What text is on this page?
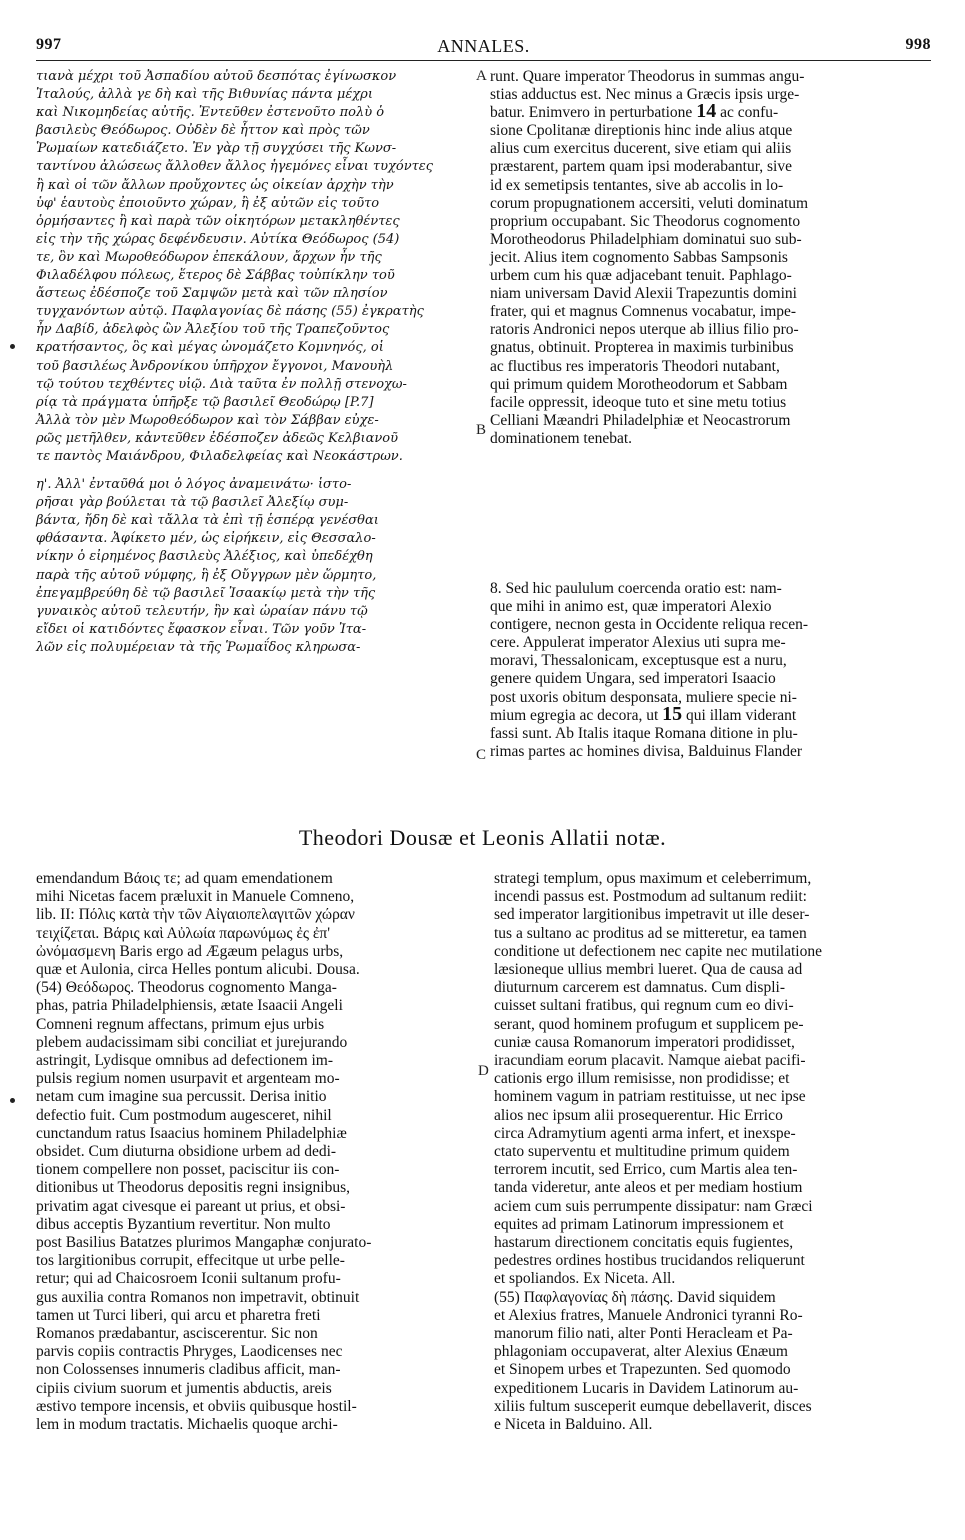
997	ANNALES.	998

τιανὰ μέχρι τοῦ Ἀσπαδίου αὐτοῦ δεσπότας ἐγίνωσκον

Ἰταλούς, ἀλλὰ γε δὴ καὶ τῆς Βιθυνίας πάντα μέχρι

καὶ Νικομηδείας αὐτῆς. Ἐντεῦθεν ἐστενοῦτο πολὺ ὁ

βασιλεὺς Θεόδωρος. Οὐδὲν δὲ ἧττον καὶ πρὸς τῶν

Ῥωμαίων κατεδιάζετο. Ἐν γὰρ τῇ συγχύσει τῆς Κωνσ-

ταντίνου ἁλώσεως ἄλλοθεν ἄλλος ἡγεμόνες εἶναι τυχόντες

ἢ καὶ οἱ τῶν ἄλλων προὔχοντες ὡς οἰκείαν ἀρχὴν τὴν

ὑφ' ἑαυτοὺς ἐποιοῦντο χώραν, ἢ ἐξ αὐτῶν εἰς τοῦτο

ὁρμήσαντες ἢ καὶ παρὰ τῶν οἰκητόρων μετακληθέντες

εἰς τὴν τῆς χώρας δεφένδευσιν. Αὐτίκα Θεόδωρος (54)

τε, ὃν καὶ Μωροθεόδωρον ἐπεκάλουν, ἄρχων ἦν τῆς

Φιλαδέλφου πόλεως, ἕτερος δὲ Σάββας τοὐπίκλην τοῦ

ἄστεως ἐδέσποζε τοῦ Σαμψῶν μετὰ καὶ τῶν πλησίον

τυγχανόντων αὐτῷ. Παφλαγονίας δὲ πάσης (55) ἐγκρατὴς

ἦν Δαβίδ, ἀδελφὸς ὢν Ἀλεξίου τοῦ τῆς Τραπεζοῦντος

κρατήσαντος, ὃς καὶ μέγας ὠνομάζετο Κομνηνός, οἱ

τοῦ βασιλέως Ἀνδρονίκου ὑπῆρχον ἔγγονοι, Μανουὴλ

τῷ τούτου τεχθέντες υἱῷ. Διὰ ταῦτα ἐν πολλῇ στενοχω-

ρίᾳ τὰ πράγματα ὑπῆρξε τῷ βασιλεῖ Θεοδώρῳ [P.7]

Ἀλλὰ τὸν μὲν Μωροθεόδωρον καὶ τὸν Σάββαν εὐχε-

ρῶς μετῆλθεν, κἀντεῦθεν ἐδέσποζεν ἀδεῶς Κελβιανοῦ

τε παντὸς Μαιάνδρου, Φιλαδελφείας καὶ Νεοκάστρων.

η'. Ἀλλ' ἐνταῦθά μοι ὁ λόγος ἀναμεινάτω· ἱστο-

ρῆσαι γὰρ βούλεται τὰ τῷ βασιλεῖ Ἀλεξίῳ συμ-

βάντα, ἤδη δὲ καὶ τἄλλα τὰ ἐπὶ τῇ ἑσπέρᾳ γενέσθαι

φθάσαντα. Ἀφίκετο μέν, ὡς εἰρήκειν, εἰς Θεσσαλο-

νίκην ὁ εἰρημένος βασιλεὺς Ἀλέξιος, καὶ ὑπεδέχθη

παρὰ τῆς αὐτοῦ νύμφης, ἣ ἐξ Οὔγγρων μὲν ὥρμητο,

ἐπεγαμβρεύθη δὲ τῷ βασιλεῖ Ἰσαακίῳ μετὰ τὴν τῆς

γυναικὸς αὐτοῦ τελευτήν, ἣν καὶ ὡραίαν πάνυ τῷ

εἴδει οἱ κατιδόντες ἔφασκον εἶναι. Τῶν γοῦν Ἰτα-

λῶν εἰς πολυμέρειαν τὰ τῆς Ῥωμαΐδος κληρωσα-

A
B
C
D

runt. Quare imperator Theodorus in summas angu-

stias adductus est. Nec minus a Græcis ipsis urge-

batur. Enimvero in perturbatione 14 ac confu-

sione Cpolitanæ direptionis hinc inde alius atque

alius cum exercitus ducerent, sive etiam qui aliis

præstarent, partem quam ipsi moderabantur, sive

id ex semetipsis tentantes, sive ab accolis in lo-

corum propugnationem accersiti, veluti dominatum

proprium occupabant. Sic Theodorus cognomento

Morotheodorus Philadelphiam dominatui suo sub-

jecit. Alius item cognomento Sabbas Sampsonis

urbem cum his quæ adjacebant tenuit. Paphlago-

niam universam David Alexii Trapezuntis domini

frater, qui et magnus Comnenus vocabatur, impe-

ratoris Andronici nepos uterque ab illius filio pro-

gnatus, obtinuit. Propterea in maximis turbinibus

ac fluctibus res imperatoris Theodori nutabant,

qui primum quidem Morotheodorum et Sabbam

facile oppressit, ideoque tuto et sine metu totius

Celliani Mæandri Philadelphiæ et Neocastrorum

dominationem tenebat.

8. Sed hic paululum coercenda oratio est: nam-

que mihi in animo est, quæ imperatori Alexio

contigere, necnon gesta in Occidente reliqua recen-

cere. Appulerat imperator Alexius uti supra me-

moravi, Thessalonicam, exceptusque est a nuru,

genere quidem Ungara, sed imperatori Isaacio

post uxoris obitum desponsata, muliere specie ni-

mium egregia ac decora, ut 15 qui illam viderant

fassi sunt. Ab Italis itaque Romana ditione in plu-

rimas partes ac homines divisa, Balduinus Flander

Theodori Dousæ et Leonis Allatii notæ.

emendandum Βάοις τε; ad quam emendationem

mihi Nicetas facem præluxit in Manuele Comneno,

lib. II: Πόλις κατὰ τὴν τῶν Αἰγαιοπελαγιτῶν χώραν

τειχίζεται. Βάρις καὶ Αὐλωία παρωνύμως ἐς ἐπ'

ὠνόμασμενη Baris ergo ad Ægæum pelagus urbs,

quæ et Aulonia, circa Helles pontum alicubi. Dousa.

(54) Θεόδωρος. Theodorus cognomento Manga-

phas, patria Philadelphiensis, ætate Isaacii Angeli

Comneni regnum affectans, primum ejus urbis

plebem audacissimam sibi conciliat et jurejurando

astringit, Lydisque omnibus ad defectionem im-

pulsis regium nomen usurpavit et argenteam mo-

netam cum imagine sua percussit. Derisa initio

defectio fuit. Cum postmodum augesceret, nihil

cunctandum ratus Isaacius hominem Philadelphiæ

obsidet. Cum diuturna obsidione urbem ad dedi-

tionem compellere non posset, paciscitur iis con-

ditionibus ut Theodorus depositis regni insignibus,

privatim agat civesque ei pareant ut prius, et obsi-

dibus acceptis Byzantium revertitur. Non multo

post Basilius Batatzes plurimos Mangaphæ conjurato-

tos largitionibus corrupit, effecitque ut urbe pelle-

retur; qui ad Chaicosroem Iconii sultanum profu-

gus auxilia contra Romanos non impetravit, obtinuit

tamen ut Turci liberi, qui arcu et pharetra freti

Romanos prædabantur, asciscerentur. Sic non

parvis copiis contractis Phryges, Laodicenses nec

non Colossenses innumeris cladibus afficit, man-

cipiis civium suorum et jumentis abductis, areis

æstivo tempore incensis, et obviis quibusque hostil-

lem in modum tractatis. Michaelis quoque archi-

strategi templum, opus maximum et celeberrimum,

incendi passus est. Postmodum ad sultanum rediit:

sed imperator largitionibus impetravit ut ille deser-

tus a sultano ac proditus ad se mitteretur, ea tamen

conditione ut defectionem nec capite nec mutilatione

læsioneque ullius membri lueret. Qua de causa ad

diuturnum carcerem est damnatus. Cum displi-

cuisset sultani fratibus, qui regnum cum eo divi-

serant, quod hominem profugum et supplicem pe-

cuniæ causa Romanorum imperatori prodidisset,

iracundiam eorum placavit. Namque aiebat pacifi-

cationis ergo illum remisisse, non prodidisse; et

hominem vagum in patriam restituisse, ut nec ipse

alios nec ipsum alii prosequerentur. Hic Errico

circa Adramytium agenti arma infert, et inexspe-

ctato superventu et multitudine primum quidem

terrorem incutit, sed Errico, cum Martis alea ten-

tanda videretur, ante aleos et per mediam hostium

aciem cum suis perrumpente dissipatur: nam Græci

equites ad primam Latinorum impressionem et

hastarum directionem concitatis equis fugientes,

pedestres ordines hostibus trucidandos reliquerunt

et spoliandos. Ex Niceta. All.

(55) Παφλαγονίας δὴ πάσης. David siquidem

et Alexius fratres, Manuele Andronici tyranni Ro-

manorum filio nati, alter Ponti Heracleam et Pa-

phlagoniam occupaverat, alter Alexius Œnæum

et Sinopem urbes et Trapezunten. Sed quomodo

expeditionem Lucaris in Davidem Latinorum au-

xiliis fultum susceperit eumque debellaverit, disces

e Niceta in Balduino. All.
